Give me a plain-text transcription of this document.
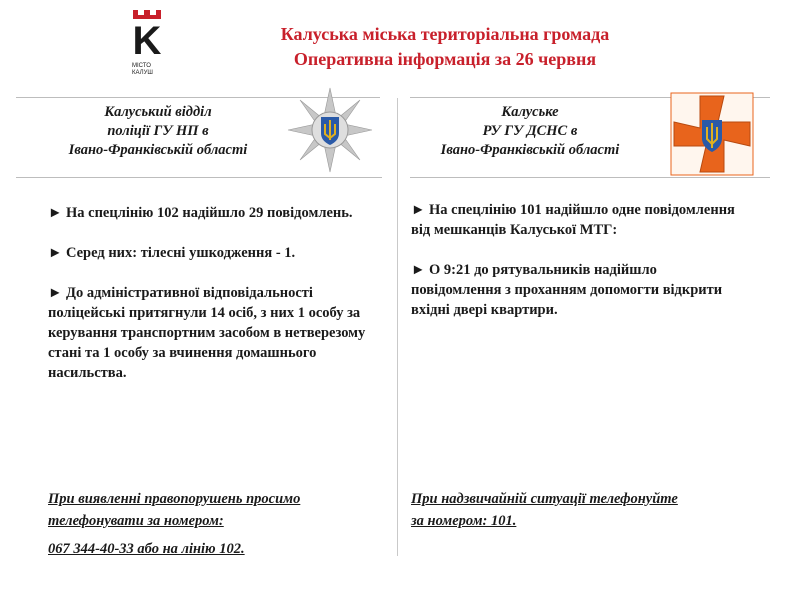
K
МІСТО
КАЛУШ
Калуська міська територіальна громада
Оперативна інформація за 26 червня
Калуський відділ
поліції ГУ НП в
Івано-Франківській області
Калуське
РУ ГУ ДСНС в
Івано-Франківській області

► На спецлінію 102 надійшло 29 повідомлень.

► Серед них: тілесні ушкодження - 1.

► До адміністративної відповідальності поліцейські притягнули 14 осіб, з них 1 особу за керування транспортним засобом в нетверезому стані та 1 особу за вчинення домашнього насильства.

► На спецлінію 101 надійшло одне повідомлення від мешканців Калуської МТГ:

► О 9:21 до рятувальників надійшло повідомлення з проханням допомогти відкрити вхідні двері квартири.

При виявленні правопорушень просимо
телефонувати за номером:
067 344-40-33 або на лінію 102.
При надзвичайній ситуації телефонуйте
за номером: 101.
